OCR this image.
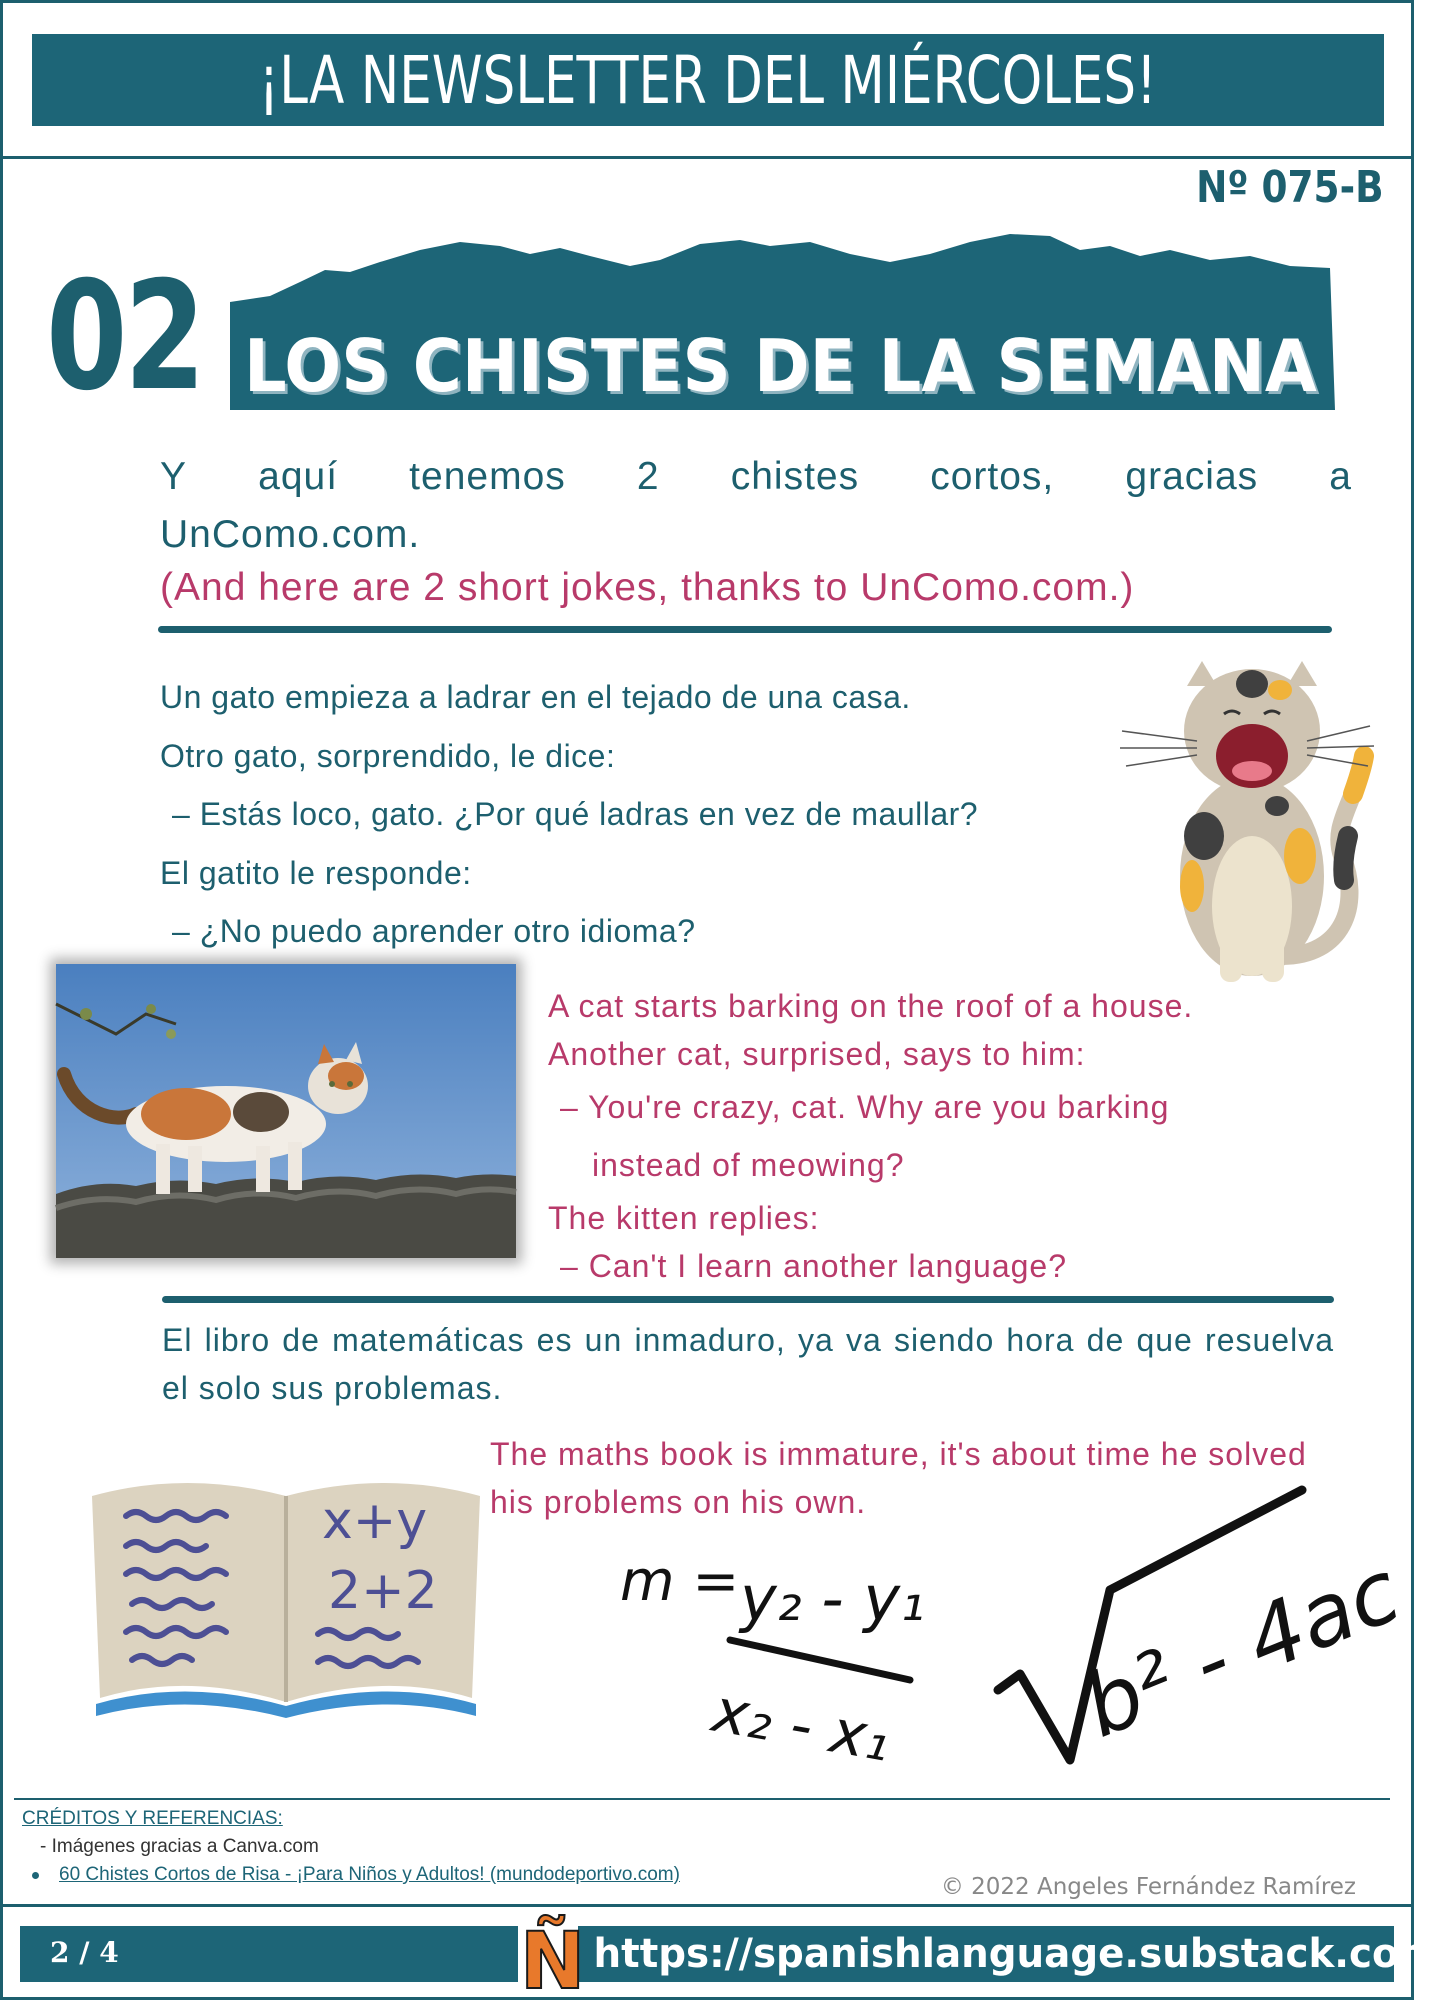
¡LA NEWSLETTER DEL MIÉRCOLES!
Nº 075-B
02 LOS CHISTES DE LA SEMANA
Y aquí tenemos 2 chistes cortos, gracias a
UnComo.com.
(And here are 2 short jokes, thanks to UnComo.com.)
Un gato empieza a ladrar en el tejado de una casa.
Otro gato, sorprendido, le dice:
– Estás loco, gato. ¿Por qué ladras en vez de maullar?
El gatito le responde:
– ¿No puedo aprender otro idioma?
A cat starts barking on the roof of a house.
Another cat, surprised, says to him:
– You're crazy, cat. Why are you barking
instead of meowing?
The kitten replies:
– Can't I learn another language?
El libro de matemáticas es un inmaduro, ya va siendo hora de que resuelva el solo sus problemas.
The maths book is immature, it's about time he solved his problems on his own.
x+y
2+2	m = y₂ - y₁
x₂ - x₁ b² - 4ac
CRÉDITOS Y REFERENCIAS:
- Imágenes gracias a Canva.com
60 Chistes Cortos de Risa - ¡Para Niños y Adultos! (mundodeportivo.com)	© 2022 Angeles Fernández Ramírez
2 / 4	https://spanishlanguage.substack.com
Ñ
